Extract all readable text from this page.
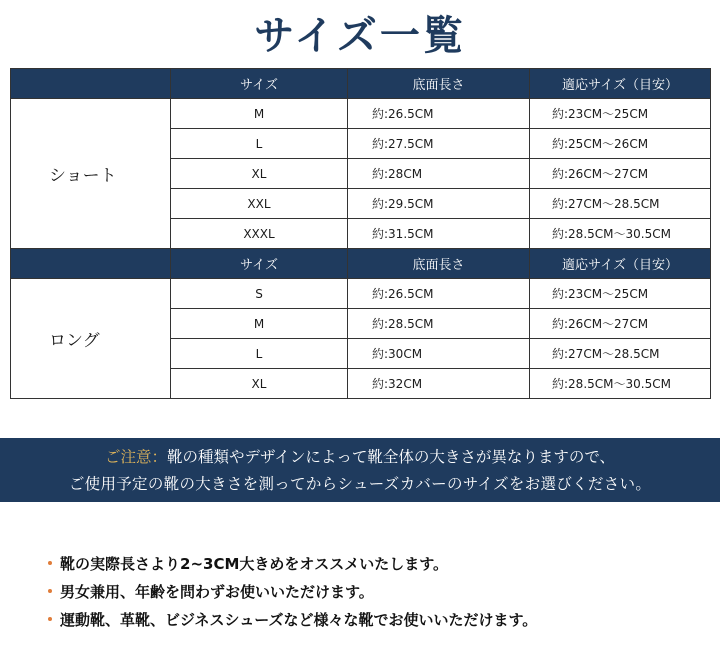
サイズ一覧
	サイズ	底面長さ	適応サイズ（目安）
ショート	M	約:26.5CM	約:23CM～25CM
	L	約:27.5CM	約:25CM～26CM
	XL	約:28CM	約:26CM～27CM
	XXL	約:29.5CM	約:27CM～28.5CM
	XXXL	約:31.5CM	約:28.5CM～30.5CM
	サイズ	底面長さ	適応サイズ（目安）
ロング	S	約:26.5CM	約:23CM～25CM
	M	約:28.5CM	約:26CM～27CM
	L	約:30CM	約:27CM～28.5CM
	XL	約:32CM	約:28.5CM～30.5CM
ご注意：靴の種類やデザインによって靴全体の大きさが異なりますので、
ご使用予定の靴の大きさを測ってからシューズカバーのサイズをお選びください。
靴の実際長さより2~3CM大きめをオススメいたします。
男女兼用、年齢を問わずお使いいただけます。
運動靴、革靴、ビジネスシューズなど様々な靴でお使いいただけます。
